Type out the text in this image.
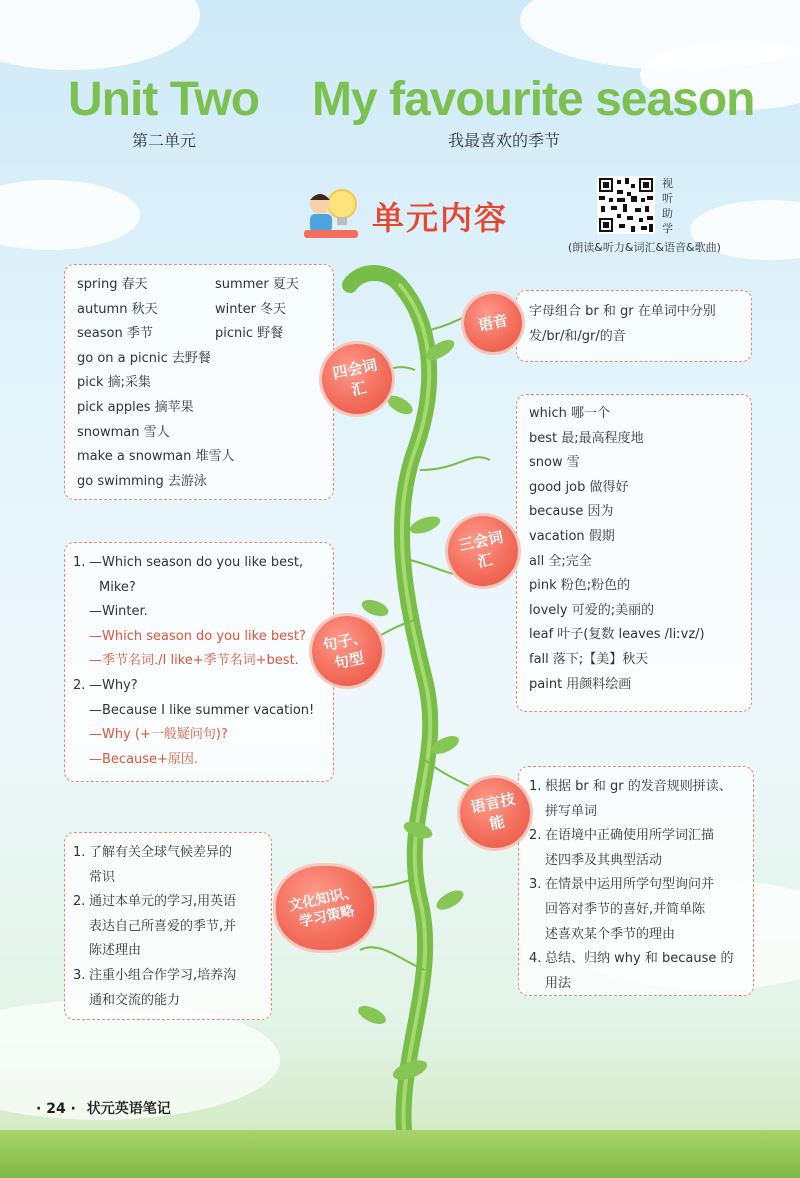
Unit Two My favourite season
第二单元	我最喜欢的季节
单元内容
视
听
助
学
(朗读&听力&词汇&语音&歌曲)
spring 春天	summer 夏天
autumn 秋天	winter 冬天
season 季节	picnic 野餐
go on a picnic 去野餐
pick 摘;采集
pick apples 摘苹果
snowman 雪人
make a snowman 堆雪人
go swimming 去游泳
字母组合 br 和 gr 在单词中分别
发/br/和/gr/的音
which 哪一个
best 最;最高程度地
snow 雪
good job 做得好
because 因为
vacation 假期
all 全;完全
pink 粉色;粉色的
lovely 可爱的;美丽的
leaf 叶子(复数 leaves /liːvz/)
fall 落下;【美】秋天
paint 用颜料绘画
1. —Which season do you like best,
Mike?
—Winter.
—Which season do you like best?
—季节名词./I like+季节名词+best.
2. —Why?
—Because I like summer vacation!
—Why (+一般疑问句)?
—Because+原因.
1. 根据 br 和 gr 的发音规则拼读、
拼写单词
2. 在语境中正确使用所学词汇描
述四季及其典型活动
3. 在情景中运用所学句型询问并
回答对季节的喜好,并简单陈
述喜欢某个季节的理由
4. 总结、归纳 why 和 because 的
用法
1. 了解有关全球气候差异的
常识
2. 通过本单元的学习,用英语
表达自己所喜爱的季节,并
陈述理由
3. 注重小组合作学习,培养沟
通和交流的能力
四会词汇
语音
三会词汇
句子、句型
语言技能
文化知识、学习策略
· 24 · 状元英语笔记
